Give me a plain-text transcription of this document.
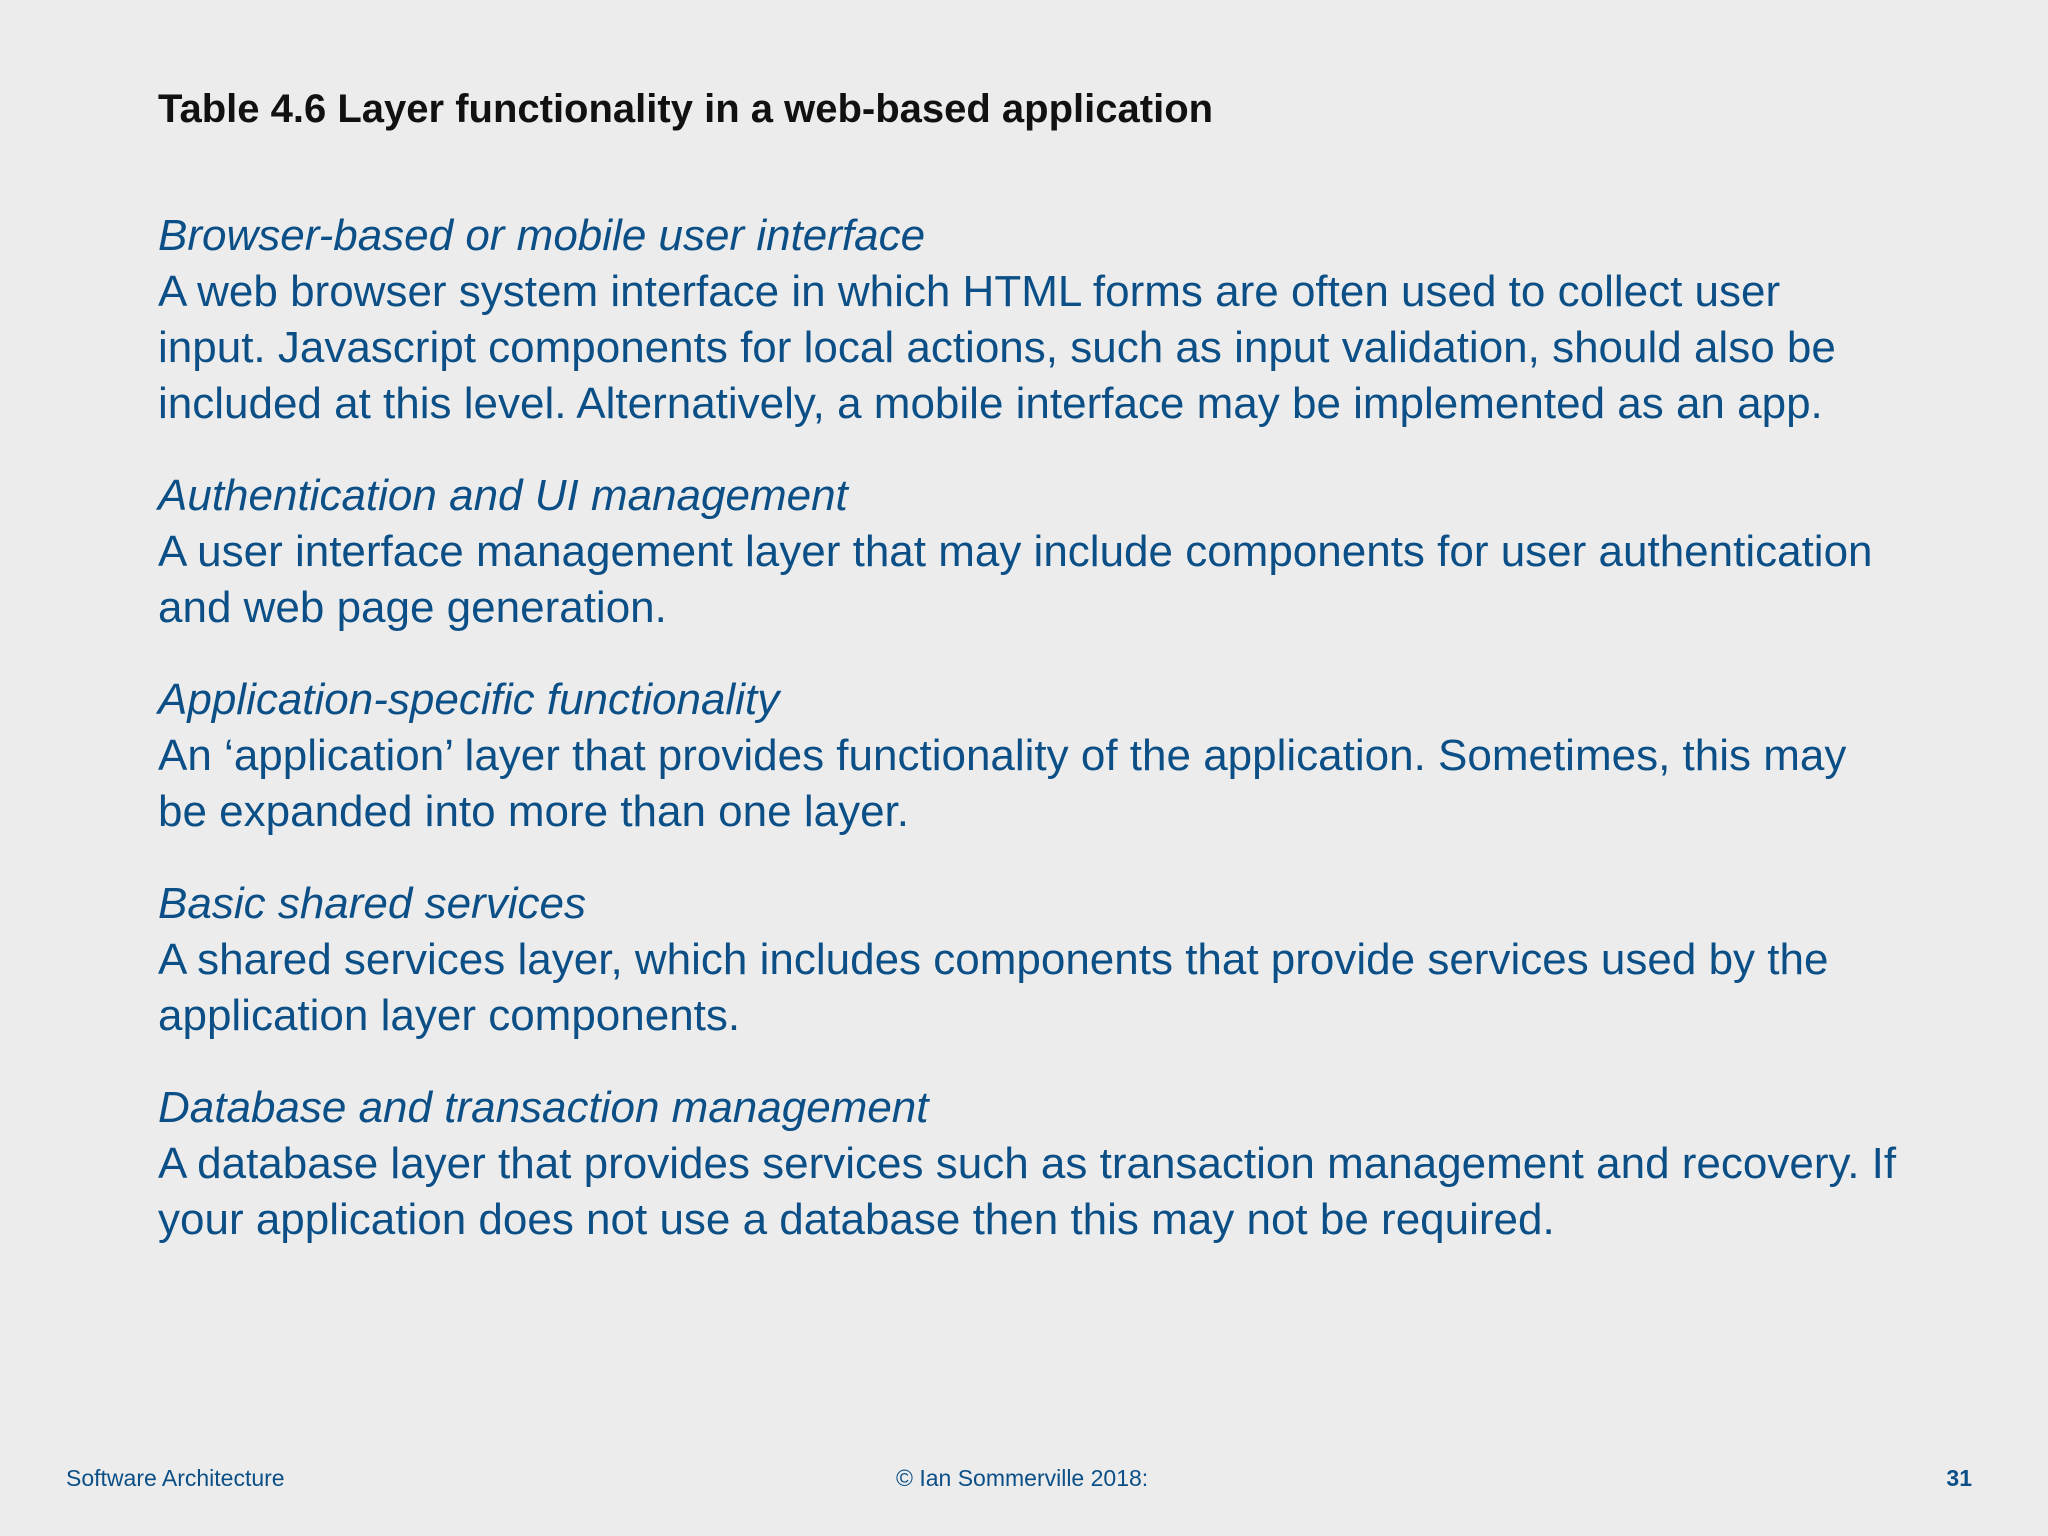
Table 4.6 Layer functionality in a web-based application

Browser-based or mobile user interface

A web browser system interface in which HTML forms are often used to collect user input. Javascript components for local actions, such as input validation, should also be included at this level. Alternatively, a mobile interface may be implemented as an app.

Authentication and UI management

A user interface management layer that may include components for user authentication and web page generation.

Application-specific functionality

An ‘application’ layer that provides functionality of the application. Sometimes, this may be expanded into more than one layer.

Basic shared services

A shared services layer, which includes components that provide services used by the application layer components.

Database and transaction management

A database layer that provides services such as transaction management and recovery. If your application does not use a database then this may not be required.

Software Architecture	© Ian Sommerville 2018:	31
